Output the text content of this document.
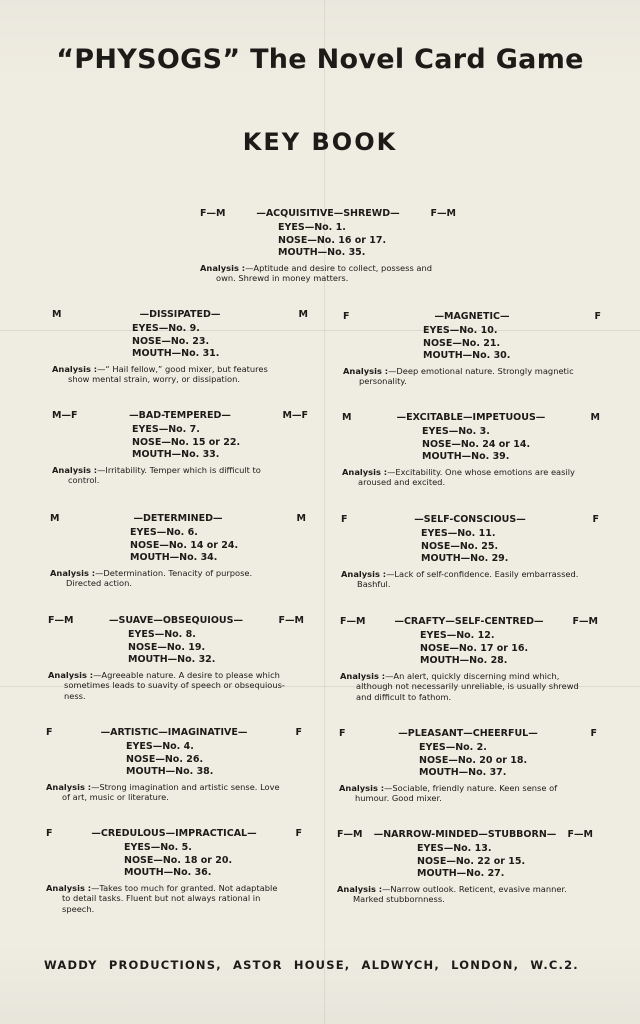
“PHYSOGS” The Novel Card Game
KEY BOOK
F—M	—ACQUISITIVE—SHREWD—	F—M
EYES—No. 1.
NOSE—No. 16 or 17.
MOUTH—No. 35.
Analysis :—Aptitude and desire to collect, possess and
own. Shrewd in money matters.
M	—DISSIPATED—	M
EYES—No. 9.
NOSE—No. 23.
MOUTH—No. 31.
Analysis :—“ Hail fellow,” good mixer, but features
show mental strain, worry, or dissipation.
M—F	—BAD-TEMPERED—	M—F
EYES—No. 7.
NOSE—No. 15 or 22.
MOUTH—No. 33.
Analysis :—Irritability. Temper which is difficult to
control.
M	—DETERMINED—	M
EYES—No. 6.
NOSE—No. 14 or 24.
MOUTH—No. 34.
Analysis :—Determination. Tenacity of purpose.
Directed action.
F—M	—SUAVE—OBSEQUIOUS—	F—M
EYES—No. 8.
NOSE—No. 19.
MOUTH—No. 32.
Analysis :—Agreeable nature. A desire to please which
sometimes leads to suavity of speech or obsequious-
ness.
F	—ARTISTIC—IMAGINATIVE—	F
EYES—No. 4.
NOSE—No. 26.
MOUTH—No. 38.
Analysis :—Strong imagination and artistic sense. Love
of art, music or literature.
F	—CREDULOUS—IMPRACTICAL—	F
EYES—No. 5.
NOSE—No. 18 or 20.
MOUTH—No. 36.
Analysis :—Takes too much for granted. Not adaptable
to detail tasks. Fluent but not always rational in
speech.
F	—MAGNETIC—	F
EYES—No. 10.
NOSE—No. 21.
MOUTH—No. 30.
Analysis :—Deep emotional nature. Strongly magnetic
personality.
M	—EXCITABLE—IMPETUOUS—	M
EYES—No. 3.
NOSE—No. 24 or 14.
MOUTH—No. 39.
Analysis :—Excitability. One whose emotions are easily
aroused and excited.
F	—SELF-CONSCIOUS—	F
EYES—No. 11.
NOSE—No. 25.
MOUTH—No. 29.
Analysis :—Lack of self-confidence. Easily embarrassed.
Bashful.
F—M	—CRAFTY—SELF-CENTRED—	F—M
EYES—No. 12.
NOSE—No. 17 or 16.
MOUTH—No. 28.
Analysis :—An alert, quickly discerning mind which,
although not necessarily unreliable, is usually shrewd
and difficult to fathom.
F	—PLEASANT—CHEERFUL—	F
EYES—No. 2.
NOSE—No. 20 or 18.
MOUTH—No. 37.
Analysis :—Sociable, friendly nature. Keen sense of
humour. Good mixer.
F—M	—NARROW-MINDED—STUBBORN—	F—M
EYES—No. 13.
NOSE—No. 22 or 15.
MOUTH—No. 27.
Analysis :—Narrow outlook. Reticent, evasive manner.
Marked stubbornness.
WADDY PRODUCTIONS, ASTOR HOUSE, ALDWYCH, LONDON, W.C.2.
